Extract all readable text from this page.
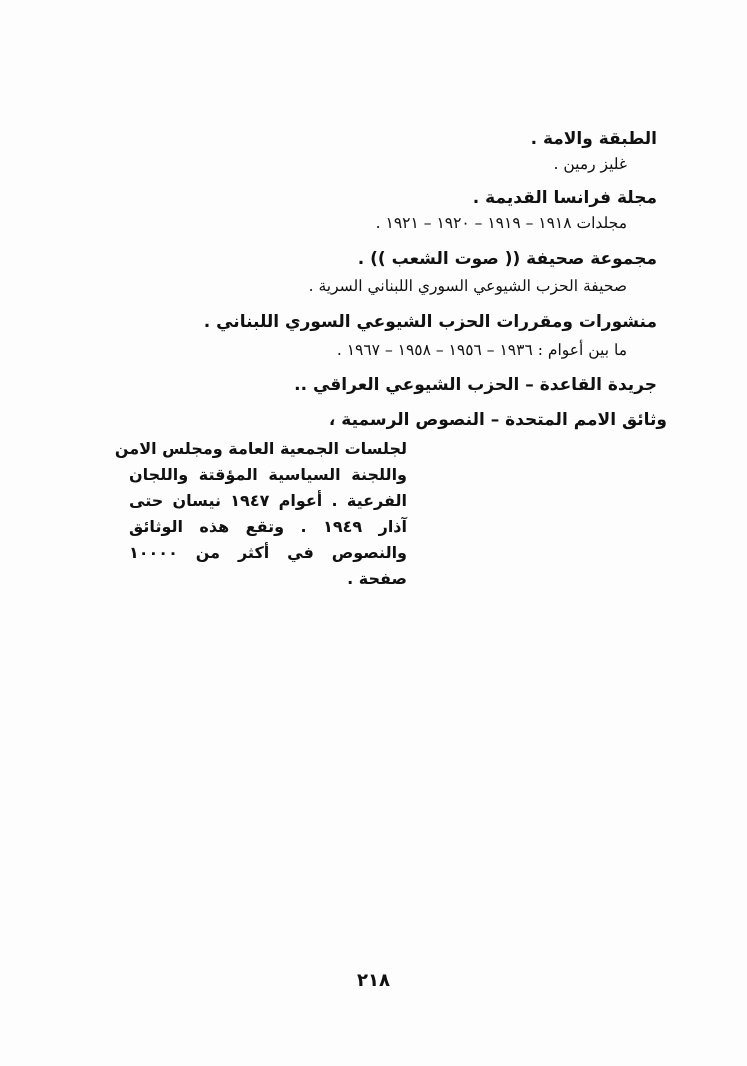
الطبقة والامة .
غليز رمين .
مجلة فرانسا القديمة .
مجلدات ١٩١٨ – ١٩١٩ – ١٩٢٠ – ١٩٢١ .
مجموعة صحيفة (( صوت الشعب )) .
صحيفة الحزب الشيوعي السوري اللبناني السرية .
منشورات ومقررات الحزب الشيوعي السوري اللبناني .
ما بين أعوام : ١٩٣٦ – ١٩٥٦ – ١٩٥٨ – ١٩٦٧ .
جريدة القاعدة – الحزب الشيوعي العراقي ..
وثائق الامم المتحدة – النصوص الرسمية ،
لجلسات الجمعية العامة ومجلس الامن
واللجنة السياسية المؤقتة واللجان
الفرعية . أعوام ١٩٤٧ نيسان حتى
آذار ١٩٤٩ . وتقع هذه الوثائق
والنصوص في أكثر من ١٠٠٠٠
صفحة .
٢١٨
